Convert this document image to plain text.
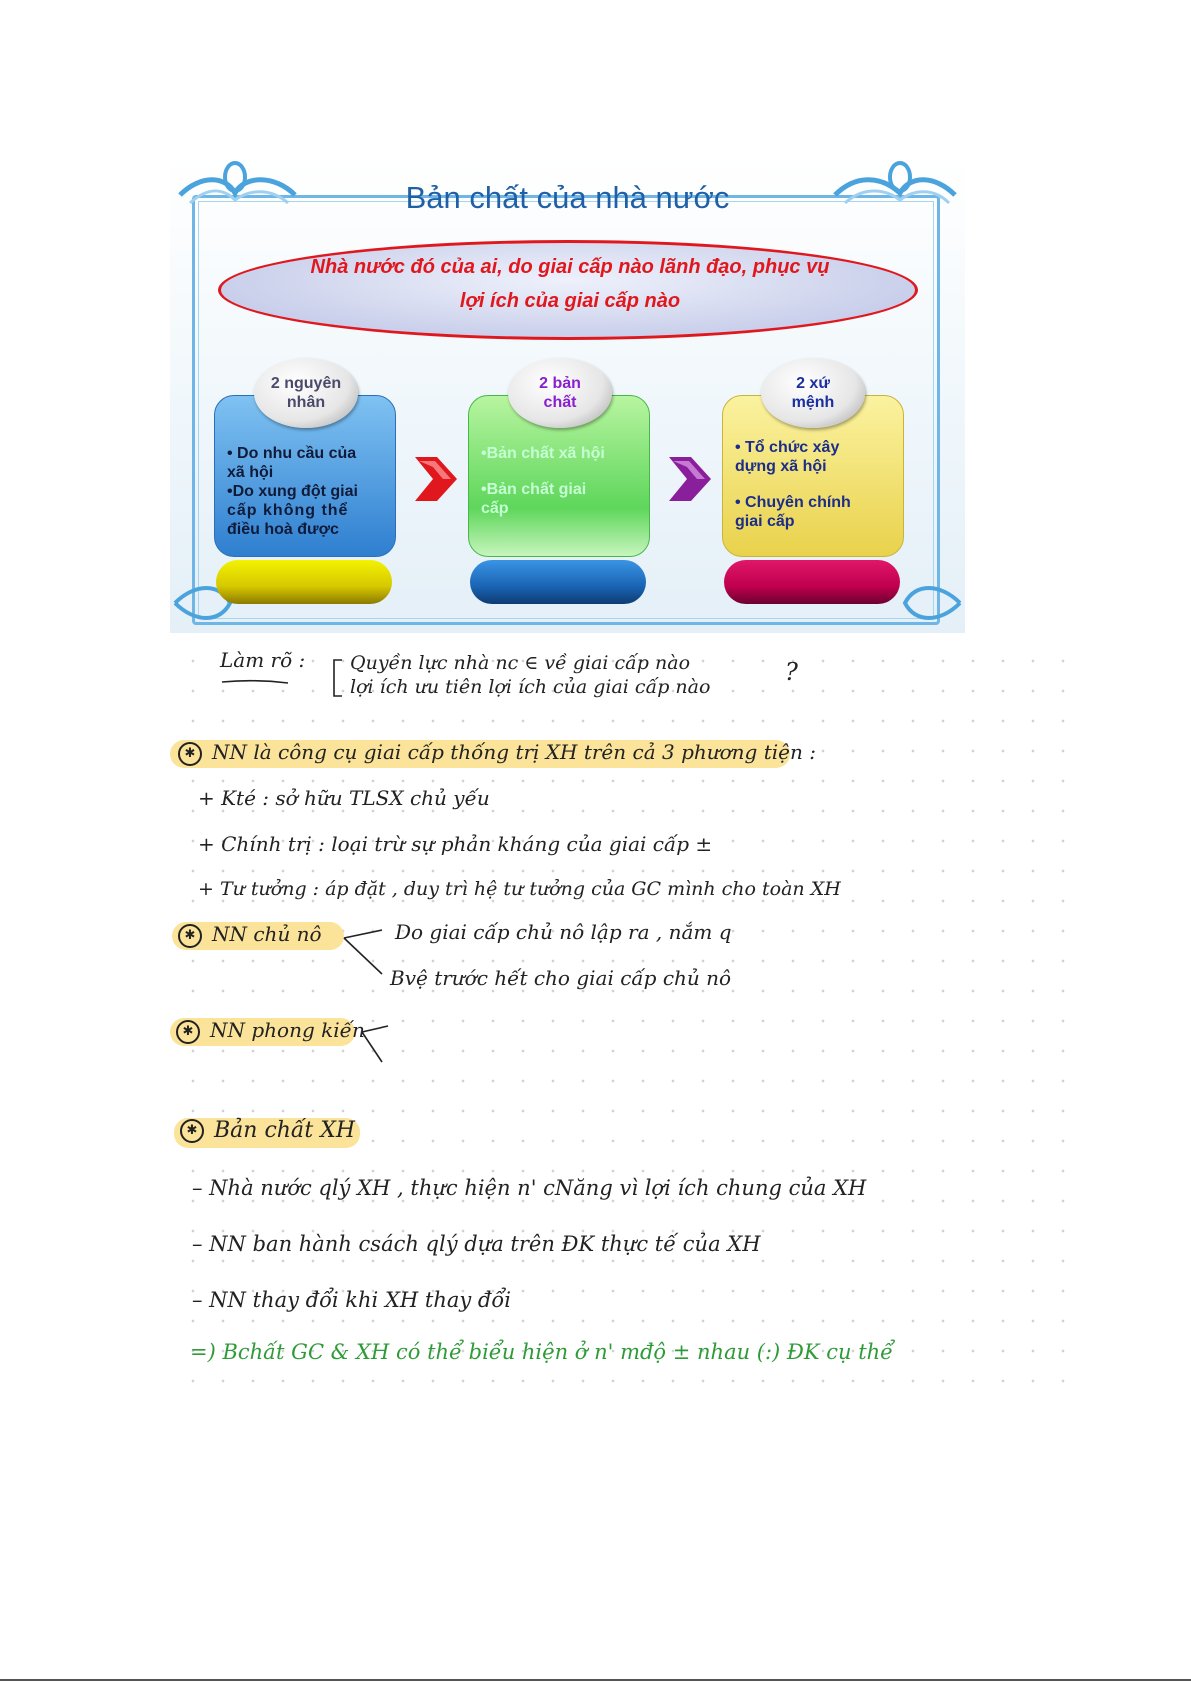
Bản chất của nhà nước
Nhà nước đó của ai, do giai cấp nào lãnh đạo, phục vụ
lợi ích của giai cấp nào

• Do nhu cầu của

xã hội

•Do xung đột giai

cấp không thể

điều hoà được

•Bản chất xã hội

•Bản chất giai

cấp

• Tổ chức xây

dựng xã hội

• Chuyên chính

giai cấp

2 nguyên
nhân
2 bản
chất
2 xứ
mệnh
Làm rõ : Quyền lực nhà nc ∈ về giai cấp nào
lợi ích ưu tiên lợi ích của giai cấp nào
?
✱ NN là công cụ giai cấp thống trị XH trên cả 3 phương tiện :
+ Kté : sở hữu TLSX chủ yếu
+ Chính trị : loại trừ sự phản kháng của giai cấp ±
+ Tư tưởng : áp đặt , duy trì hệ tư tưởng của GC mình cho toàn XH
✱ NN chủ nô	Do giai cấp chủ nô lập ra , nắm q
Bvệ trước hết cho giai cấp chủ nô
✱ NN phong kiến
✱ Bản chất XH
– Nhà nước qlý XH , thực hiện n' cNăng vì lợi ích chung của XH
– NN ban hành csách qlý dựa trên ĐK thực tế của XH
– NN thay đổi khi XH thay đổi
=) Bchất GC & XH có thể biểu hiện ở n' mđộ ± nhau (:) ĐK cụ thể
